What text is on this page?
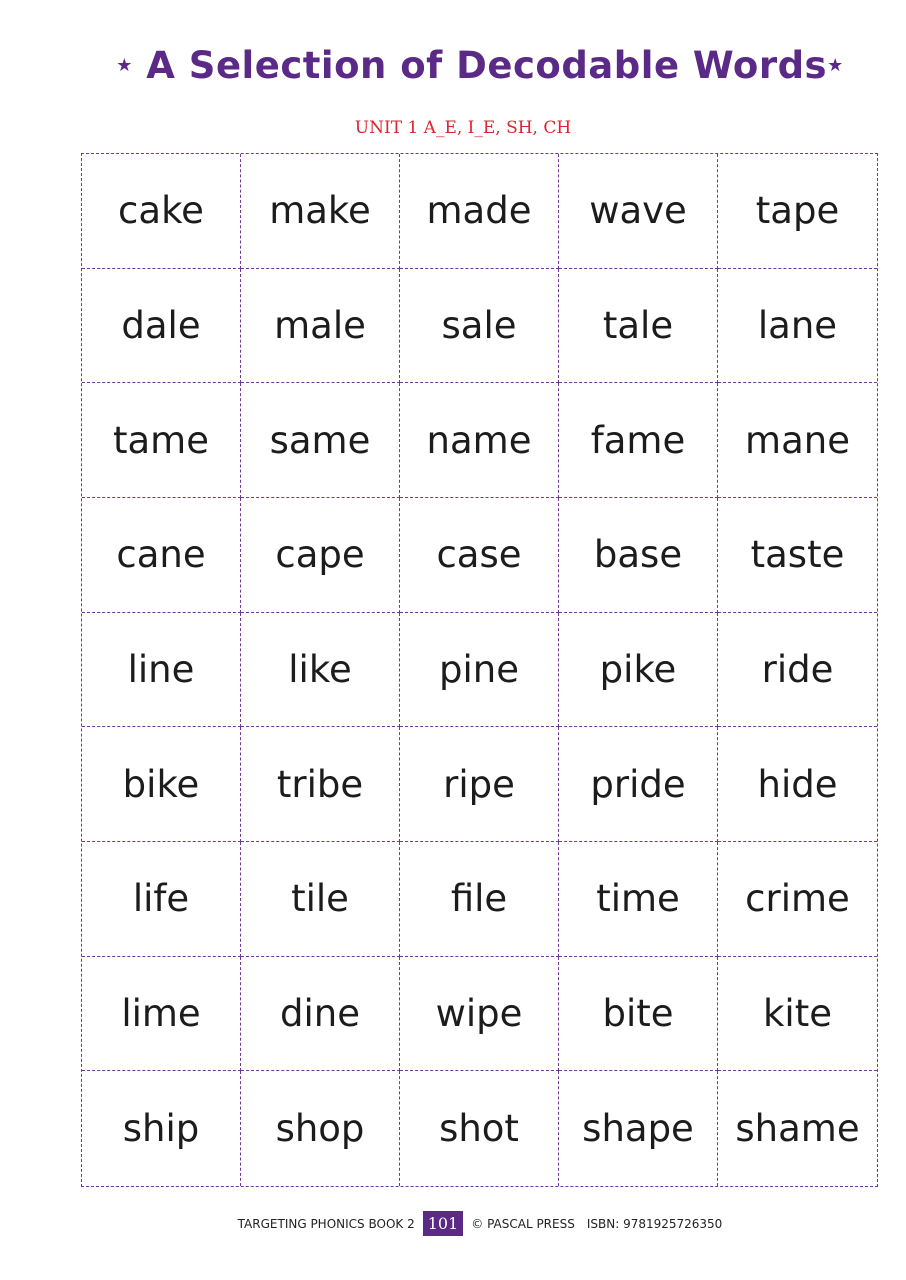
★ A Selection of Decodable Words★
UNIT 1 A_E, I_E, SH, CH
cake	make	made	wave	tape
dale	male	sale	tale	lane
tame	same	name	fame	mane
cane	cape	case	base	taste
line	like	pine	pike	ride
bike	tribe	ripe	pride	hide
life	tile	file	time	crime
lime	dine	wipe	bite	kite
ship	shop	shot	shape	shame
TARGETING PHONICS BOOK 2 101	© PASCAL PRESS ISBN: 9781925726350
